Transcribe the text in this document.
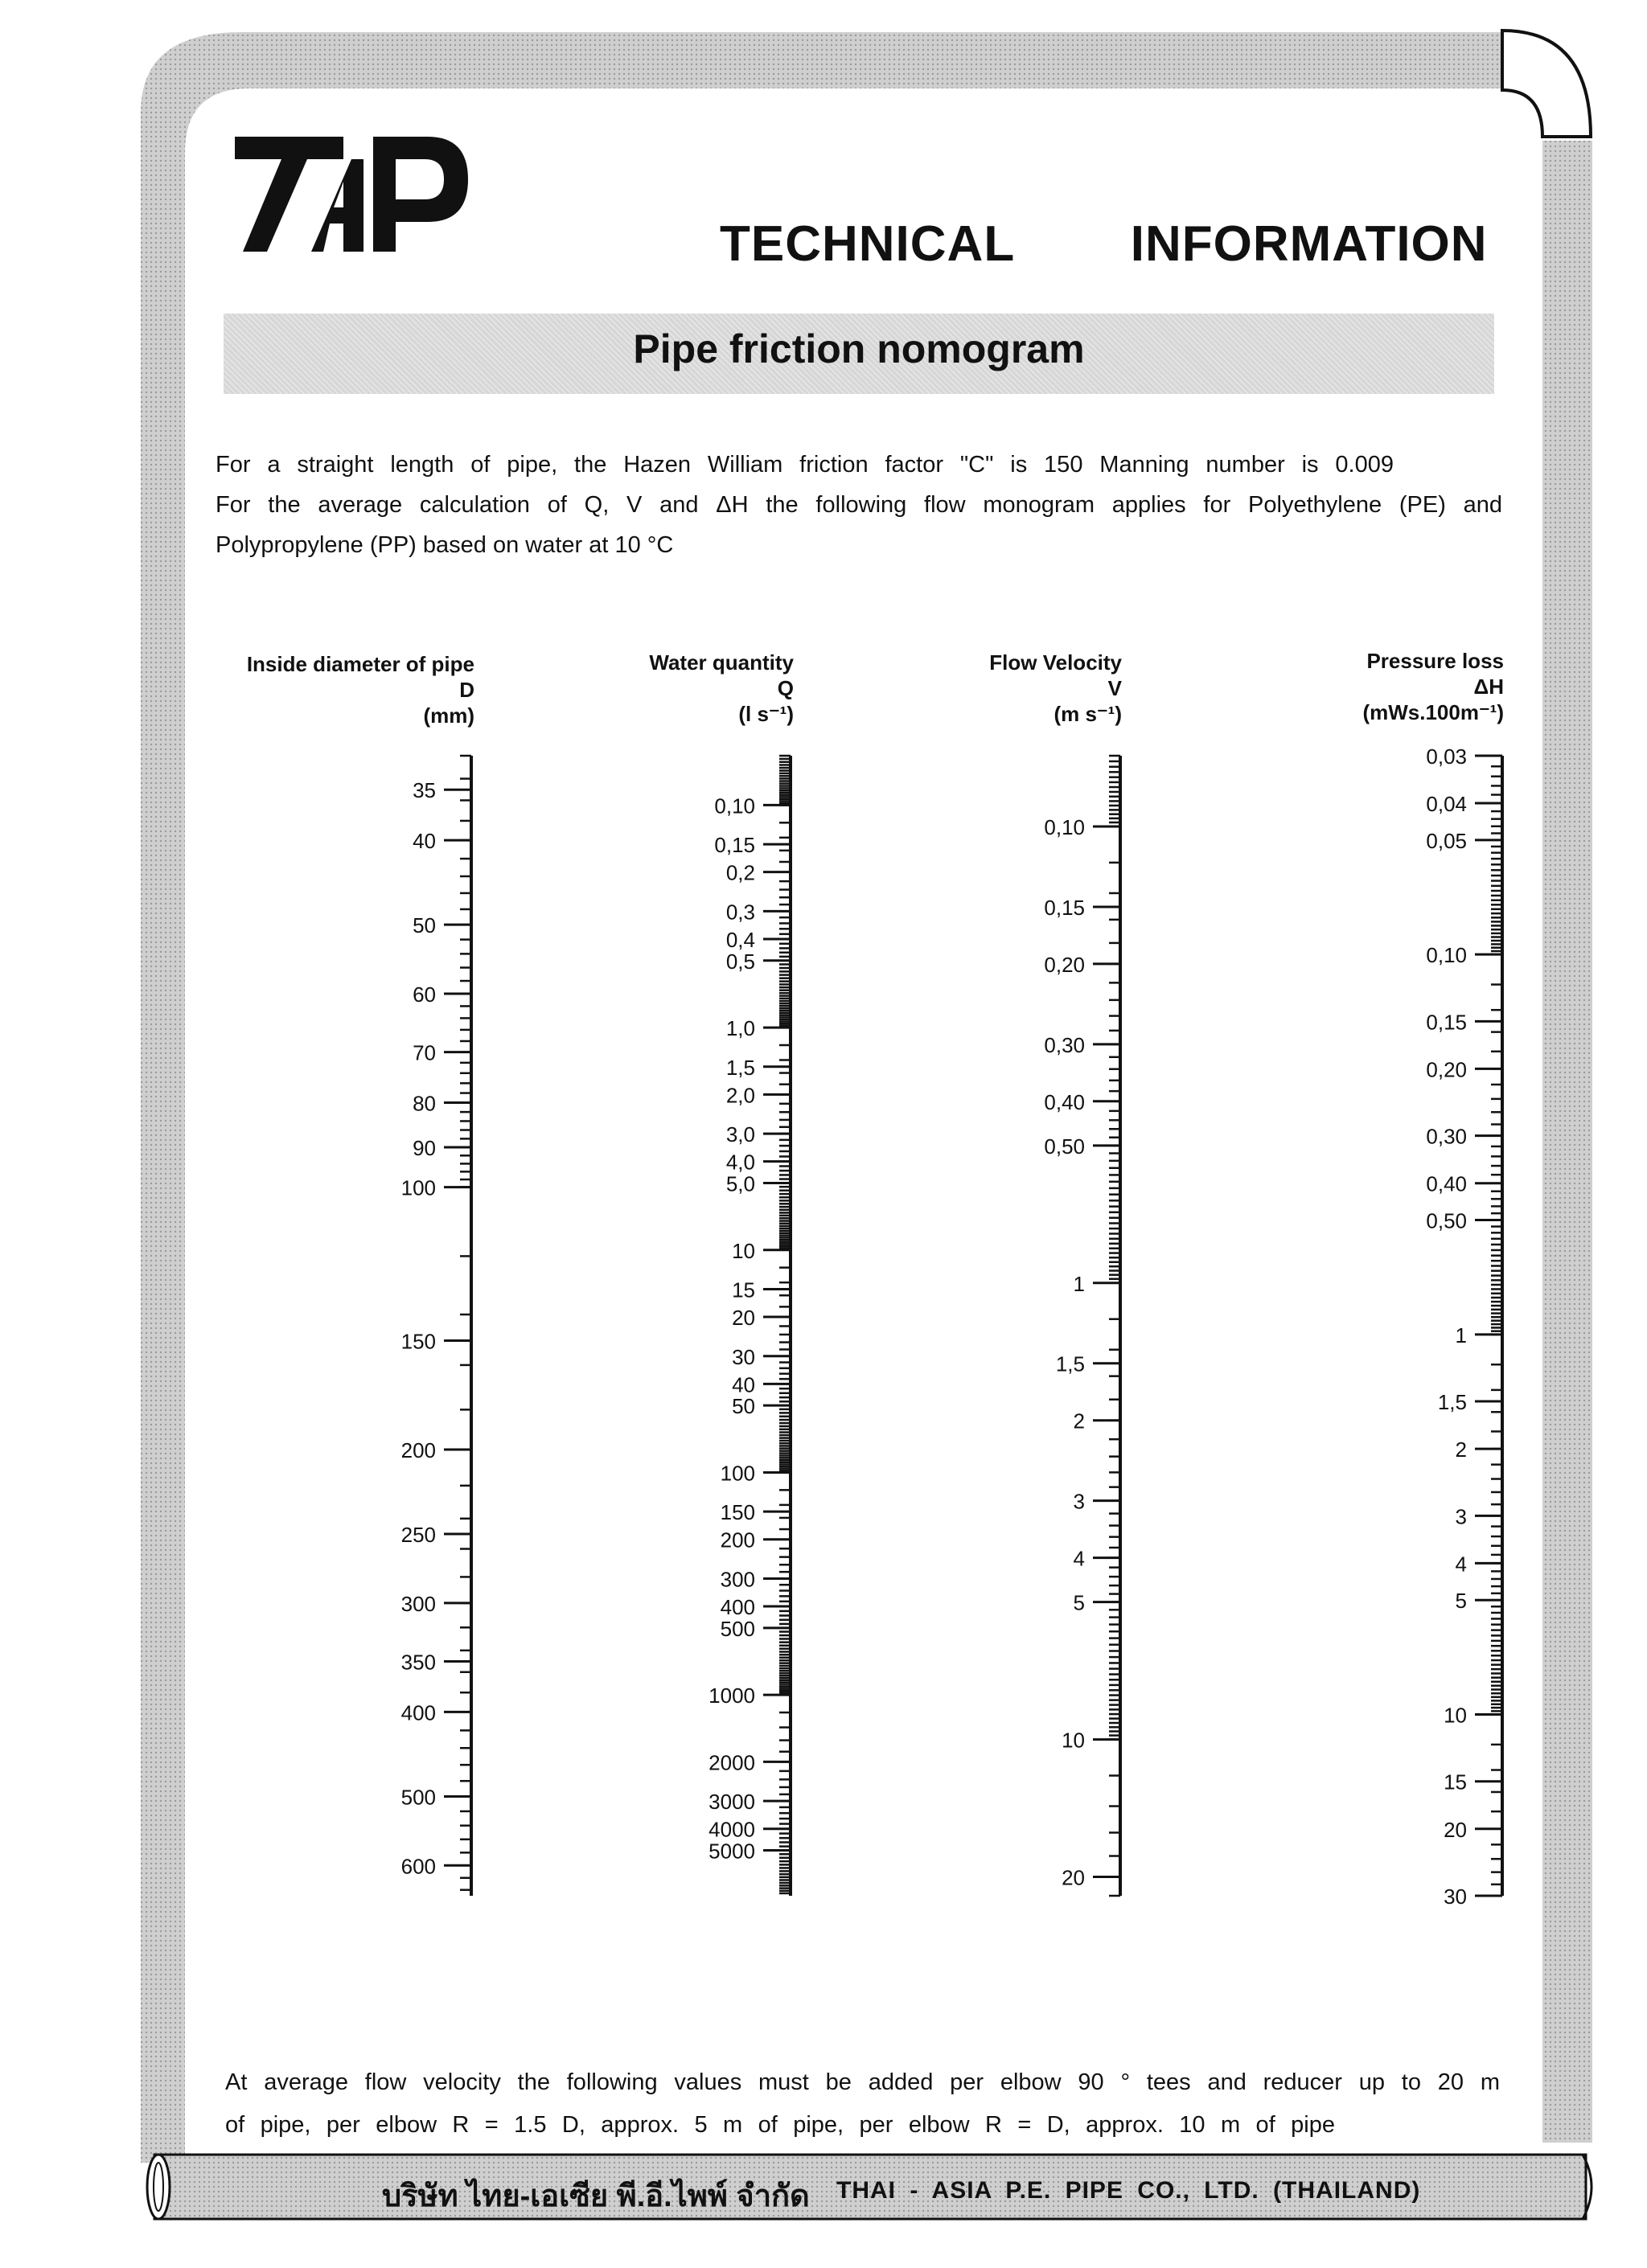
TECHNICAL   INFORMATION
Pipe friction nomogram
For a straight length of pipe, the Hazen William friction factor "C" is 150 Manning number is 0.009
For the average calculation of Q, V and ΔH the following flow monogram applies for Polyethylene (PE) and
Polypropylene (PP) based on water at 10 °C
Inside diameter of pipe
D
(mm)
Water quantity
Q
(l s⁻¹)
Flow Velocity
V
(m s⁻¹)
Pressure loss
ΔH
(mWs.100m⁻¹)
35
40
50
60
70
80
90
100
150
200
250
300
350
400
500
600
0,10
0,15
0,2
0,3
0,4
0,5
1,0
1,5
2,0
3,0
4,0
5,0
10
15
20
30
40
50
100
150
200
300
400
500
1000
2000
3000
4000
5000
0,10
0,15
0,20
0,30
0,40
0,50
1
1,5
2
3
4
5
10
20
0,03
0,04
0,05
0,10
0,15
0,20
0,30
0,40
0,50
1
1,5
2
3
4
5
10
15
20
30
At average flow velocity the following values must be added per elbow 90 ° tees and reducer up to 20 m
of pipe, per elbow R = 1.5 D, approx. 5 m of pipe, per elbow R = D, approx. 10 m of pipe
บริษัท ไทย-เอเซีย พี.อี.ไพพ์ จำกัด THAI - ASIA P.E. PIPE CO., LTD. (THAILAND)
